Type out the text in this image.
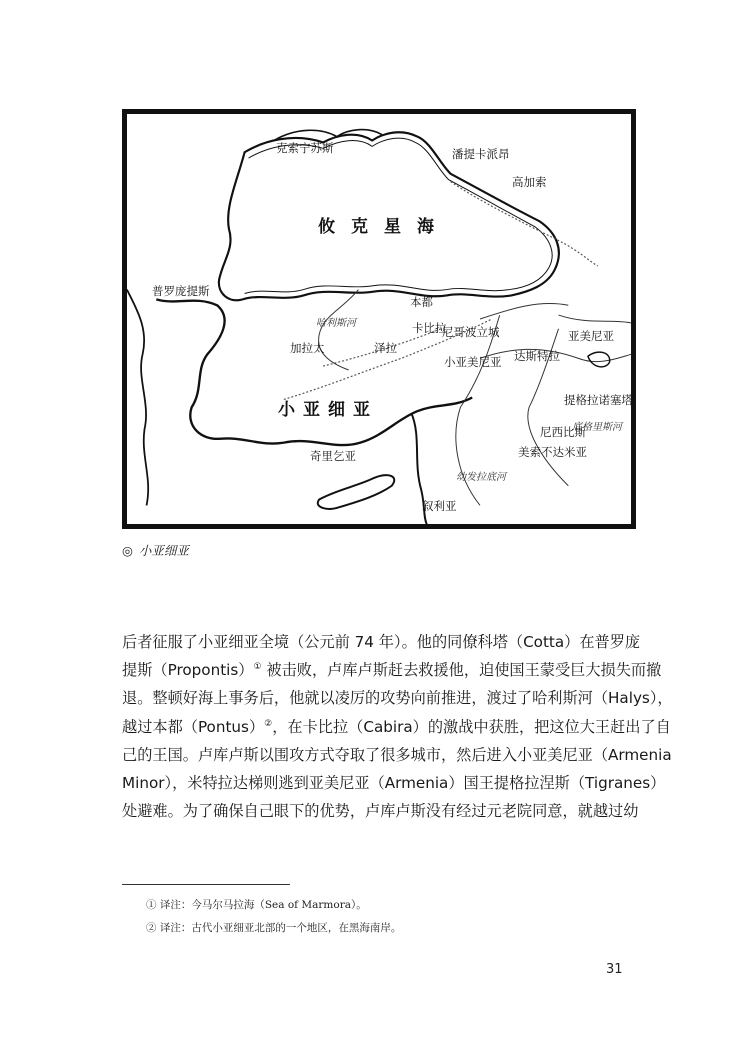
攸克星海
小亚细亚
克索宁苏斯	潘提卡派昂
高加索
普罗庞提斯
本都
卡比拉
加拉太	泽拉
尼哥波立城
小亚美尼亚 达斯特拉
亚美尼亚
提格拉诺塞塔
尼西比斯
美索不达米亚
奇里乞亚
叙利亚
哈利斯河
幼发拉底河
底格里斯河
◎ 小亚细亚
后者征服了小亚细亚全境（公元前 74 年）。他的同僚科塔（Cotta）在普罗庞
提斯（Propontis）① 被击败，卢库卢斯赶去救援他，迫使国王蒙受巨大损失而撤
退。整顿好海上事务后，他就以凌厉的攻势向前推进，渡过了哈利斯河（Halys），
越过本都（Pontus）②，在卡比拉（Cabira）的激战中获胜，把这位大王赶出了自
己的王国。卢库卢斯以围攻方式夺取了很多城市，然后进入小亚美尼亚（Armenia
Minor），米特拉达梯则逃到亚美尼亚（Armenia）国王提格拉涅斯（Tigranes）
处避难。为了确保自己眼下的优势，卢库卢斯没有经过元老院同意，就越过幼
① 译注：今马尔马拉海（Sea of Marmora）。
② 译注：古代小亚细亚北部的一个地区，在黑海南岸。
31
